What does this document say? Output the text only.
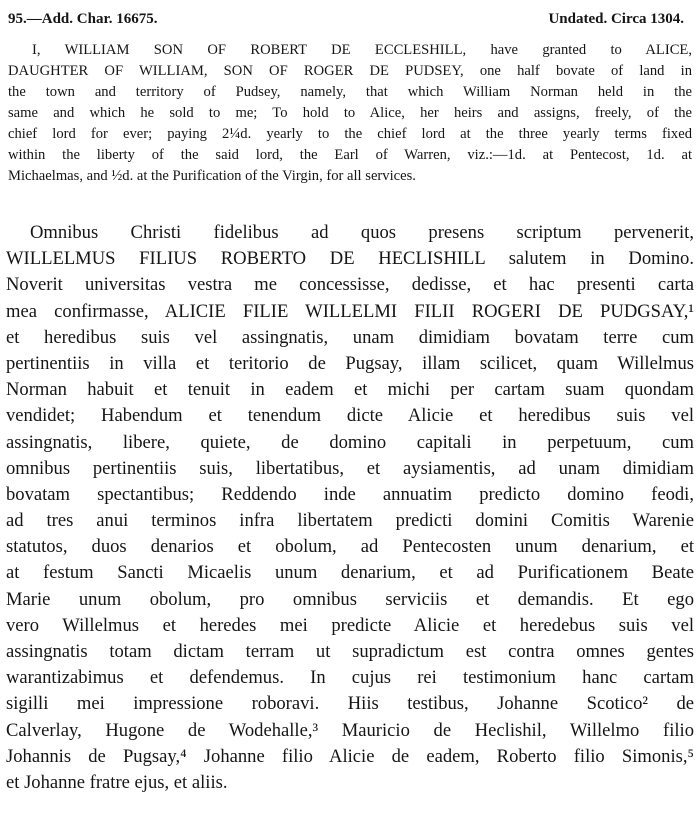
95.—Add. Char. 16675.	Undated. Circa 1304.
I, WILLIAM SON OF ROBERT DE ECCLESHILL, have granted to ALICE,
DAUGHTER OF WILLIAM, SON OF ROGER DE PUDSEY, one half bovate of land in
the town and territory of Pudsey, namely, that which William Norman held in the
same and which he sold to me; To hold to Alice, her heirs and assigns, freely, of the
chief lord for ever; paying 2¼d. yearly to the chief lord at the three yearly terms fixed
within the liberty of the said lord, the Earl of Warren, viz.:—1d. at Pentecost, 1d. at
Michaelmas, and ½d. at the Purification of the Virgin, for all services.
Omnibus Christi fidelibus ad quos presens scriptum pervenerit,
WILLELMUS FILIUS ROBERTO DE HECLISHILL salutem in Domino.
Noverit universitas vestra me concessisse, dedisse, et hac presenti carta
mea confirmasse, ALICIE FILIE WILLELMI FILII ROGERI DE PUDGSAY,¹
et heredibus suis vel assingnatis, unam dimidiam bovatam terre cum
pertinentiis in villa et teritorio de Pugsay, illam scilicet, quam Willelmus
Norman habuit et tenuit in eadem et michi per cartam suam quondam
vendidet; Habendum et tenendum dicte Alicie et heredibus suis vel
assingnatis, libere, quiete, de domino capitali in perpetuum, cum
omnibus pertinentiis suis, libertatibus, et aysiamentis, ad unam dimidiam
bovatam spectantibus; Reddendo inde annuatim predicto domino feodi,
ad tres anui terminos infra libertatem predicti domini Comitis Warenie
statutos, duos denarios et obolum, ad Pentecosten unum denarium, et
at festum Sancti Micaelis unum denarium, et ad Purificationem Beate
Marie unum obolum, pro omnibus serviciis et demandis. Et ego
vero Willelmus et heredes mei predicte Alicie et heredebus suis vel
assingnatis totam dictam terram ut supradictum est contra omnes gentes
warantizabimus et defendemus. In cujus rei testimonium hanc cartam
sigilli mei impressione roboravi. Hiis testibus, Johanne Scotico² de
Calverlay, Hugone de Wodehalle,³ Mauricio de Heclishil, Willelmo filio
Johannis de Pugsay,⁴ Johanne filio Alicie de eadem, Roberto filio Simonis,⁵
et Johanne fratre ejus, et aliis.
